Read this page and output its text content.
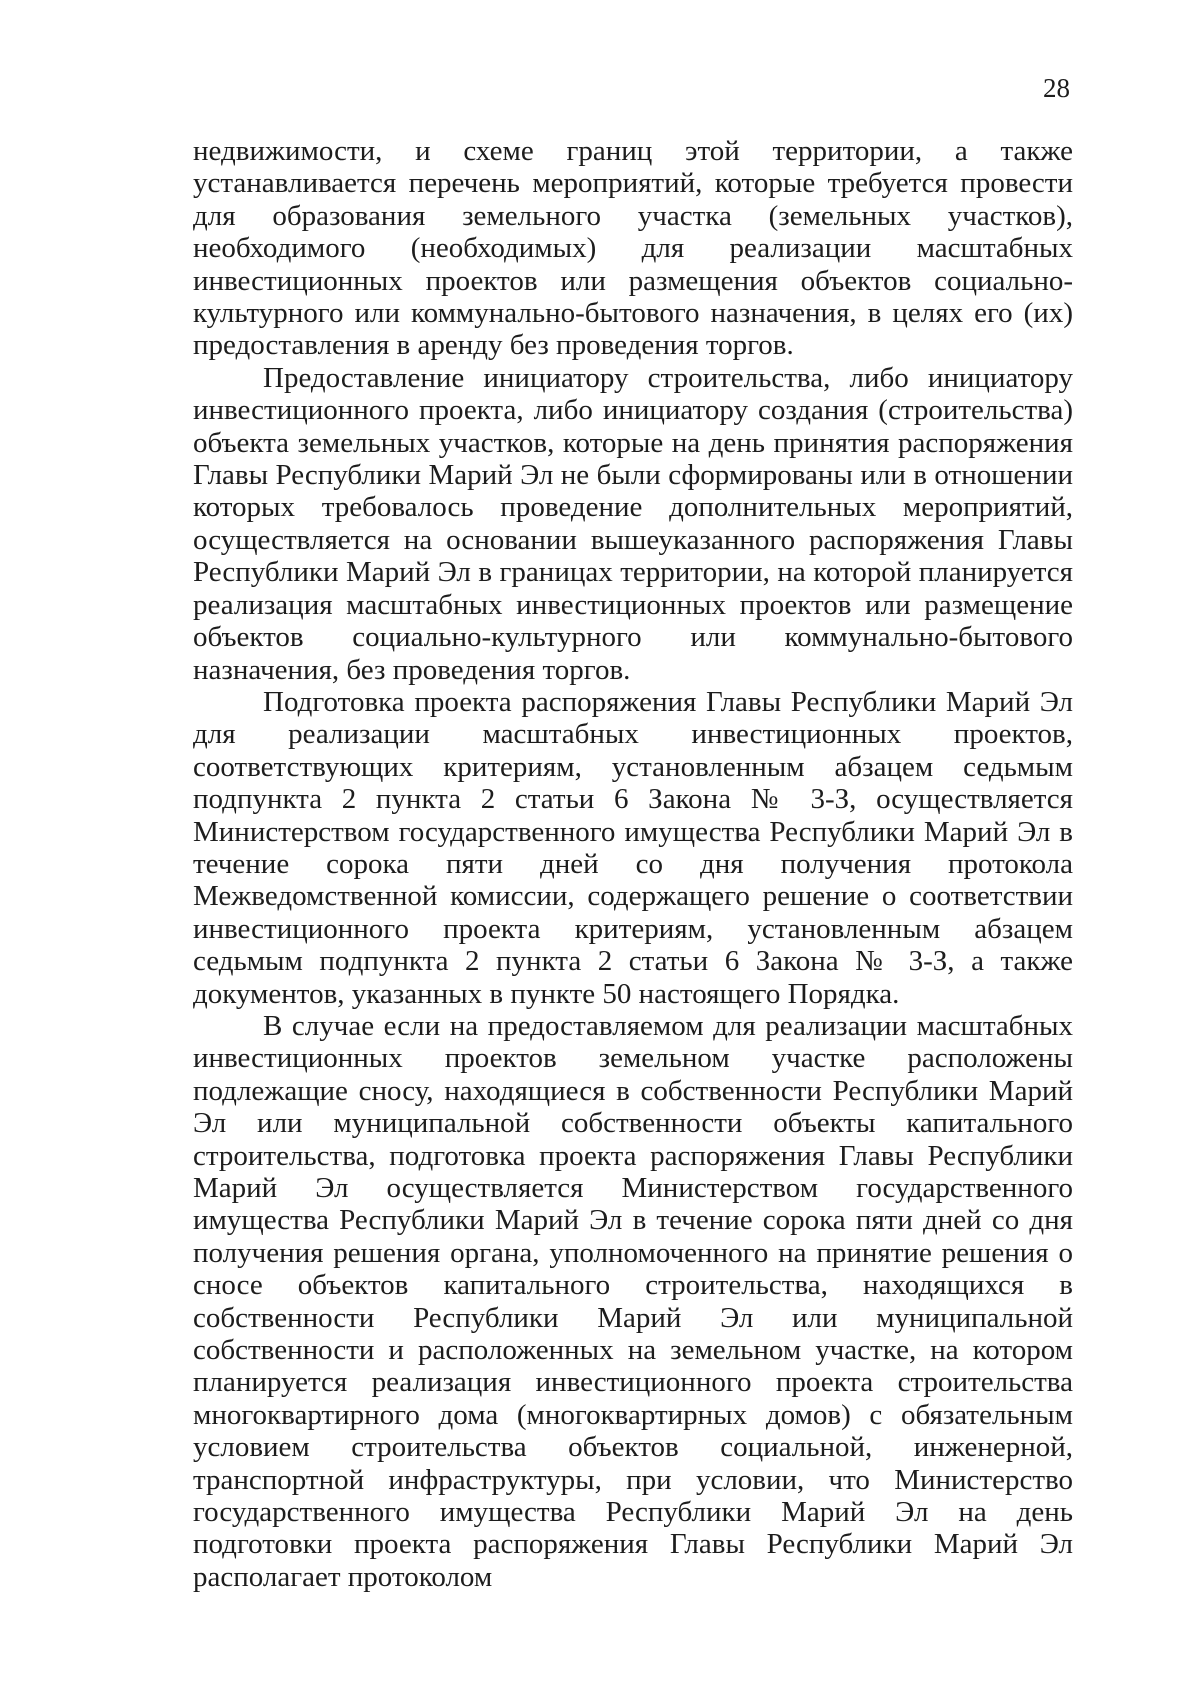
28

недвижимости, и схеме границ этой территории, а также устанавливается перечень мероприятий, которые требуется провести для образования земельного участка (земельных участков), необходимого (необходимых) для реализации масштабных инвестиционных проектов или размещения объектов социально-культурного или коммунально-бытового назначения, в целях его (их) предоставления в аренду без проведения торгов.

Предоставление инициатору строительства, либо инициатору инвестиционного проекта, либо инициатору создания (строительства) объекта земельных участков, которые на день принятия распоряжения Главы Республики Марий Эл не были сформированы или в отношении которых требовалось проведение дополнительных мероприятий, осуществляется на основании вышеуказанного распоряжения Главы Республики Марий Эл в границах территории, на которой планируется реализация масштабных инвестиционных проектов или размещение объектов социально-культурного или коммунально-бытового назначения, без проведения торгов.

Подготовка проекта распоряжения Главы Республики Марий Эл для реализации масштабных инвестиционных проектов, соответствующих критериям, установленным абзацем седьмым подпункта 2 пункта 2 статьи 6 Закона № 3-З, осуществляется Министерством государственного имущества Республики Марий Эл в течение сорока пяти дней со дня получения протокола Межведомственной комиссии, содержащего решение о соответствии инвестиционного проекта критериям, установленным абзацем седьмым подпункта 2 пункта 2 статьи 6 Закона № 3-З, а также документов, указанных в пункте 50 настоящего Порядка.

В случае если на предоставляемом для реализации масштабных инвестиционных проектов земельном участке расположены подлежащие сносу, находящиеся в собственности Республики Марий Эл или муниципальной собственности объекты капитального строительства, подготовка проекта распоряжения Главы Республики Марий Эл осуществляется Министерством государственного имущества Республики Марий Эл в течение сорока пяти дней со дня получения решения органа, уполномоченного на принятие решения о сносе объектов капитального строительства, находящихся в собственности Республики Марий Эл или муниципальной собственности и расположенных на земельном участке, на котором планируется реализация инвестиционного проекта строительства многоквартирного дома (многоквартирных домов) с обязательным условием строительства объектов социальной, инженерной, транспортной инфраструктуры, при условии, что Министерство государственного имущества Республики Марий Эл на день подготовки проекта распоряжения Главы Республики Марий Эл располагает протоколом
